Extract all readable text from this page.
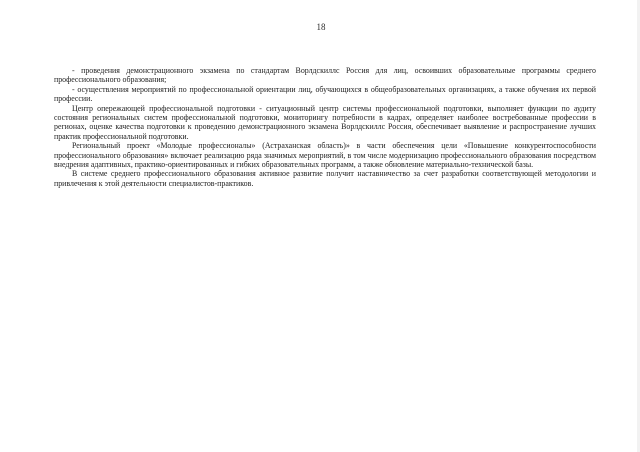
18

- проведения демонстрационного экзамена по стандартам Ворлдскиллс Россия для лиц, освоивших образовательные программы среднего профессионального образования;

- осуществления мероприятий по профессиональной ориентации лиц, обучающихся в общеобразовательных организациях, а также обучения их первой профессии.

Центр опережающей профессиональной подготовки - ситуационный центр системы профессиональной подготовки, выполняет функции по аудиту состояния региональных систем профессиональной подготовки, мониторингу потребности в кадрах, определяет наиболее востребованные профессии в регионах, оценке качества подготовки к проведению демонстрационного экзамена Ворлдскиллс Россия, обеспечивает выявление и распространение лучших практик профессиональной подготовки.

Региональный проект «Молодые профессионалы» (Астраханская область)» в части обеспечения цели «Повышение конкурентоспособности профессионального образования» включает реализацию ряда значимых мероприятий, в том числе модернизацию профессионального образования посредством внедрения адаптивных, практико-ориентированных и гибких образовательных программ, а также обновление материально-технической базы.

В системе среднего профессионального образования активное развитие получит наставничество за счет разработки соответствующей методологии и привлечения к этой деятельности специалистов-практиков.
